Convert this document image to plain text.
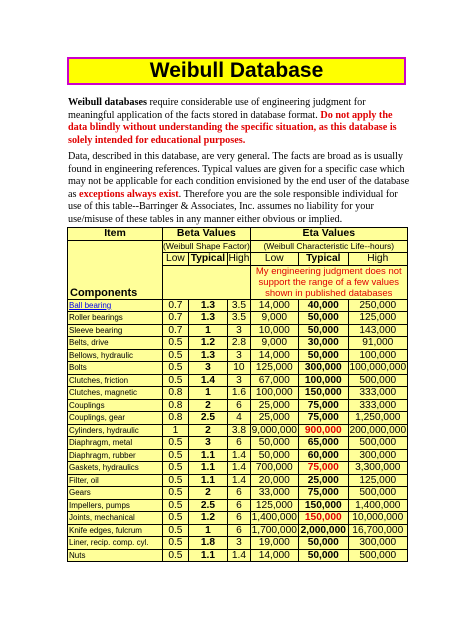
Weibull Database
Weibull databases require considerable use of engineering judgment for meaningful application of the facts stored in database format. Do not apply the data blindly without understanding the specific situation, as this database is solely intended for educational purposes.
Data, described in this database, are very general. The facts are broad as is usually found in engineering references. Typical values are given for a specific case which may not be applicable for each condition envisioned by the end user of the database as exceptions always exist. Therefore you are the sole responsible individual for use of this table--Barringer & Associates, Inc. assumes no liability for your use/misuse of these tables in any manner either obvious or implied.
Item	Beta Values			Eta Values		
Components	(Weibull Shape Factor)			(Weibull Characteristic Life--hours)		
	Low	Typical	High	Low	Typical	High
				My engineering judgment does not support the range of a few values shown in published databases		
Ball bearing	0.7	1.3	3.5	14,000	40,000	250,000
Roller bearings	0.7	1.3	3.5	9,000	50,000	125,000
Sleeve bearing	0.7	1	3	10,000	50,000	143,000
Belts, drive	0.5	1.2	2.8	9,000	30,000	91,000
Bellows, hydraulic	0.5	1.3	3	14,000	50,000	100,000
Bolts	0.5	3	10	125,000	300,000	100,000,000
Clutches, friction	0.5	1.4	3	67,000	100,000	500,000
Clutches, magnetic	0.8	1	1.6	100,000	150,000	333,000
Couplings	0.8	2	6	25,000	75,000	333,000
Couplings, gear	0.8	2.5	4	25,000	75,000	1,250,000
Cylinders, hydraulic	1	2	3.8	9,000,000	900,000	200,000,000
Diaphragm, metal	0.5	3	6	50,000	65,000	500,000
Diaphragm, rubber	0.5	1.1	1.4	50,000	60,000	300,000
Gaskets, hydraulics	0.5	1.1	1.4	700,000	75,000	3,300,000
Filter, oil	0.5	1.1	1.4	20,000	25,000	125,000
Gears	0.5	2	6	33,000	75,000	500,000
Impellers, pumps	0.5	2.5	6	125,000	150,000	1,400,000
Joints, mechanical	0.5	1.2	6	1,400,000	150,000	10,000,000
Knife edges, fulcrum	0.5	1	6	1,700,000	2,000,000	16,700,000
Liner, recip. comp. cyl.	0.5	1.8	3	19,000	50,000	300,000
Nuts	0.5	1.1	1.4	14,000	50,000	500,000
